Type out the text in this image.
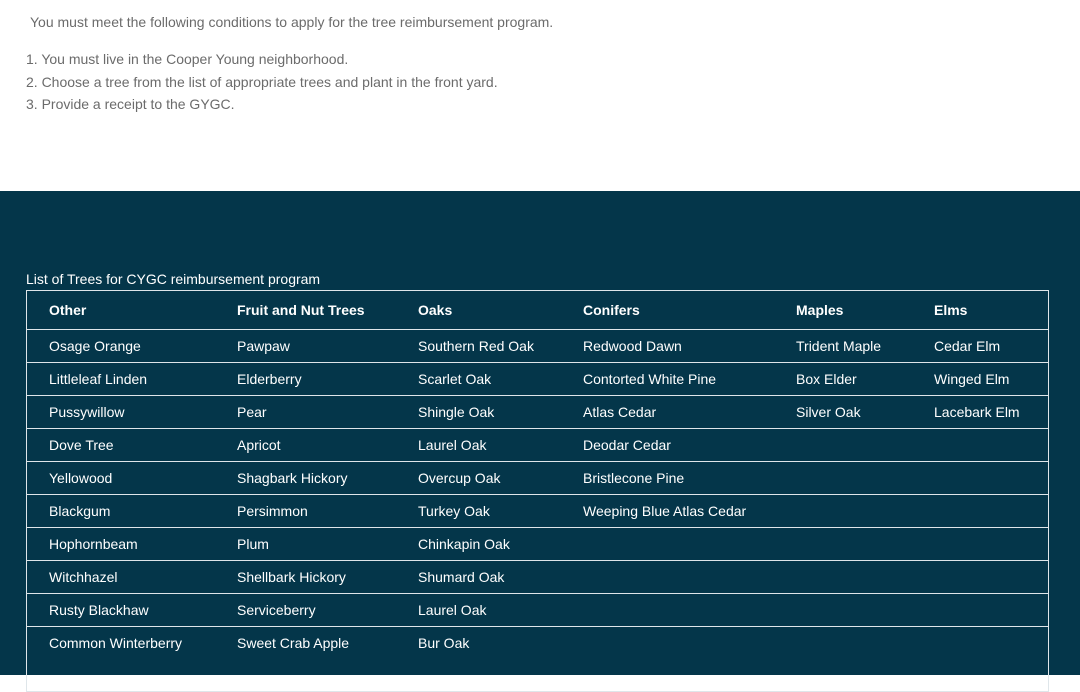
You must meet the following conditions to apply for the tree reimbursement program.

1. You must live in the Cooper Young neighborhood.
2. Choose a tree from the list of appropriate trees and plant in the front yard.
3. Provide a receipt to the GYGC.

List of Trees for CYGC reimbursement program

Other	Fruit and Nut Trees	Oaks	Conifers	Maples	Elms
Osage Orange	Pawpaw	Southern Red Oak	Redwood Dawn	Trident Maple	Cedar Elm
Littleleaf Linden	Elderberry	Scarlet Oak	Contorted White Pine	Box Elder	Winged Elm
Pussywillow	Pear	Shingle Oak	Atlas Cedar	Silver Oak	Lacebark Elm
Dove Tree	Apricot	Laurel Oak	Deodar Cedar		
Yellowood	Shagbark Hickory	Overcup Oak	Bristlecone Pine		
Blackgum	Persimmon	Turkey Oak	Weeping Blue Atlas Cedar		
Hophornbeam	Plum	Chinkapin Oak			
Witchhazel	Shellbark Hickory	Shumard Oak			
Rusty Blackhaw	Serviceberry	Laurel Oak			
Common Winterberry	Sweet Crab Apple	Bur Oak			
